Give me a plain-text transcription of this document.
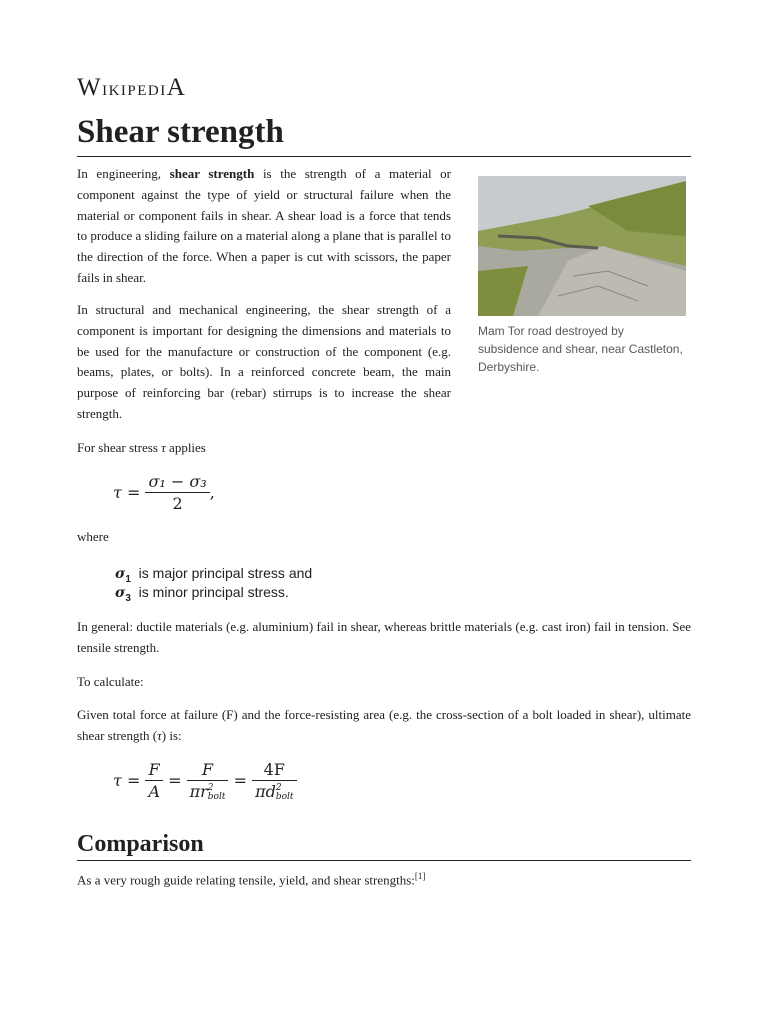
WikipediA
Shear strength

In engineering, shear strength is the strength of a material or component against the type of yield or structural failure when the material or component fails in shear. A shear load is a force that tends to produce a sliding failure on a material along a plane that is parallel to the direction of the force. When a paper is cut with scissors, the paper fails in shear.

Mam Tor road destroyed by subsidence and shear, near Castleton, Derbyshire.

In structural and mechanical engineering, the shear strength of a component is important for designing the dimensions and materials to be used for the manufacture or construction of the component (e.g. beams, plates, or bolts). In a reinforced concrete beam, the main purpose of reinforcing bar (rebar) stirrups is to increase the shear strength.

For shear stress τ applies

$\tau = \frac{\text{σ₁ − σ₃}}{2}$ ,

where

$\sigma_1$ is major principal stress and
$\sigma_3$ is minor principal stress.

In general: ductile materials (e.g. aluminium) fail in shear, whereas brittle materials (e.g. cast iron) fail in tension. See tensile strength.

To calculate:

Given total force at failure (F) and the force-resisting area (e.g. the cross-section of a bolt loaded in shear), ultimate shear strength (τ) is:

$\tau = \frac{F}{A} = F$
πr 2
bolt = 4F
πd 2
bolt
Comparison

As a very rough guide relating tensile, yield, and shear strengths:[1]
